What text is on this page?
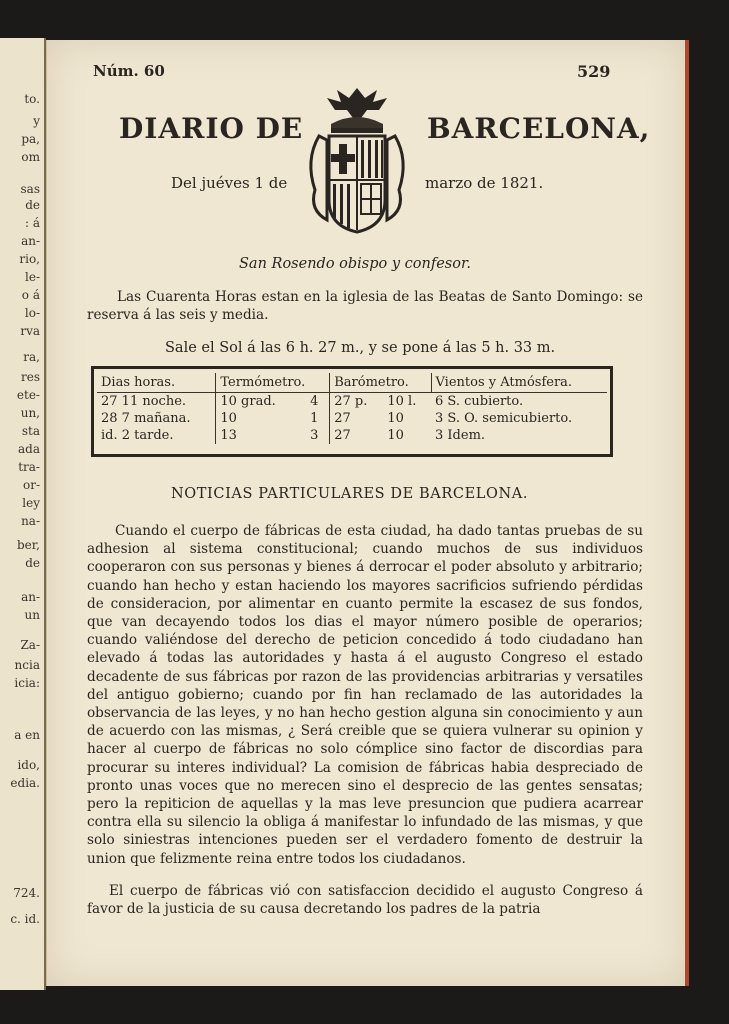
to.
y
pa,
om
sas
de
: á
an-
rio,
le-
o á
lo-
rva
ra,
res
ete-
un,
sta
ada
tra-
or-
ley
na-
ber,
de
an-
un
Za-
ncia
icia:
a en
ido,
edia.
724.
c. id.
Núm. 60	529
DIARIO DE	BARCELONA,
Del juéves 1 de	marzo de 1821.
San Rosendo obispo y confesor.
Las Cuarenta Horas estan en la iglesia de las Beatas de Santo Domingo: se reserva á las seis y media.
Sale el Sol á las 6 h. 27 m., y se pone á las 5 h. 33 m.
Dias horas.	Termómetro.		Barómetro.		Vientos y Atmósfera.
27 11 noche.	10 grad.	4	27 p.	10 l.	6 S. cubierto.
28 7 mañana.	10	1	27	10	3 S. O. semicubierto.
id. 2 tarde.	13	3	27	10	3 Idem.
NOTICIAS PARTICULARES DE BARCELONA.
Cuando el cuerpo de fábricas de esta ciudad, ha dado tantas pruebas de su adhesion al sistema constitucional; cuando muchos de sus individuos cooperaron con sus personas y bienes á derrocar el poder absoluto y arbitrario; cuando han hecho y estan haciendo los mayores sacrificios sufriendo pérdidas de consideracion, por alimentar en cuanto permite la escasez de sus fondos, que van decayendo todos los dias el mayor número posible de operarios; cuando valiéndose del derecho de peticion concedido á todo ciudadano han elevado á todas las autoridades y hasta á el augusto Congreso el estado decadente de sus fábricas por razon de las providencias arbitrarias y versatiles del antiguo gobierno; cuando por fin han reclamado de las autoridades la observancia de las leyes, y no han hecho gestion alguna sin conocimiento y aun de acuerdo con las mismas, ¿ Será creible que se quiera vulnerar su opinion y hacer al cuerpo de fábricas no solo cómplice sino factor de discordias para procurar su interes individual? La comision de fábricas habia despreciado de pronto unas voces que no merecen sino el desprecio de las gentes sensatas; pero la repiticion de aquellas y la mas leve presuncion que pudiera acarrear contra ella su silencio la obliga á manifestar lo infundado de las mismas, y que solo siniestras intenciones pueden ser el verdadero fomento de destruir la union que felizmente reina entre todos los ciudadanos.
El cuerpo de fábricas vió con satisfaccion decidido el augusto Congreso á favor de la justicia de su causa decretando los padres de la patria
